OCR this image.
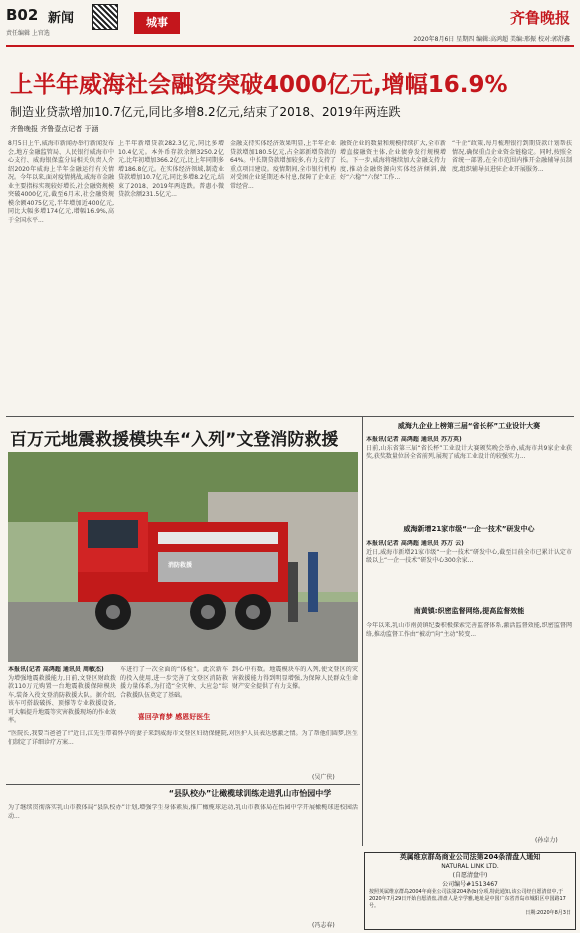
B02 新闻
责任编辑 上官选
城事	齐鲁晚报
2020年8月6日 星期四 编辑:高鸿超 美编:邢振 校对:郭舒鑫
上半年威海社会融资突破4000亿元,增幅16.9%
制造业贷款增加10.7亿元,同比多增8.2亿元,结束了2018、2019年两连跌
齐鲁晚报 齐鲁壹点记者 于涵
8月5日上午,威海市新闻办举行新闻发布会,地方金融监管局、人民银行威海市中心支行、威海银保监分局相关负责人介绍2020年威海上半年金融运行有关情况。今年以来,面对疫情挑战,威海市金融业主要指标实现较好增长,社会融资规模突破4000亿元,截至6月末,社会融资规模余额4075亿元,半年增加近400亿元,同比大幅多增174亿元,增幅16.9%,高于全国水平...
上半年新增贷款282.3亿元,同比多增10.4亿元。本外币存款余额3250.2亿元,比年初增加366.2亿元,比上年同期多增186.8亿元。在实体经济领域,制造业贷款增加10.7亿元,同比多增8.2亿元,结束了2018、2019年两连跌。普惠小微贷款余额231.5亿元...
金融支持实体经济效果明显,上半年企业贷款增加180.5亿元,占全部新增贷款的64%。中长期贷款增加较多,有力支持了重点项目建设。疫情期间,全市银行机构对受困企业延期还本付息,保障了企业正常经营...
融资企业的数量和规模持续扩大,全市新增直接融资主体,企业债券发行规模增长。下一步,威海将继续加大金融支持力度,推动金融资源向实体经济倾斜,做好“六稳”“六保”工作...
“千企”政策,每月梳理银行到期贷款计划帮扶情况,确保重点企业资金链稳定。同时,按照全省统一部署,在全市范围内推开金融辅导员制度,组织辅导员进驻企业开展服务...
百万元地震救援模块车“入列”文登消防救援
消防救援
本报讯(记者 高鸿超 通讯员 周敏杰)
为增强地震救援能力,日前,文登区财政拨款110万元购置一台地震救援保障模块车,装备入役文登消防救援大队。据介绍,该车可搭载破拆、顶撑等专业救援设备,可大幅提升地震等灾害救援现场的作业效率。
车进行了一次全面的“体检”。此次新车的投入使用,进一步完善了文登区消防救援力量体系,为打造“全灾种、大应急”综合救援队伍奠定了基础。
到心中有数。地震模块车的入列,使文登区的灾害救援能力得到明显增强,为保障人民群众生命财产安全提供了有力支撑。
喜回孕育梦 感恩好医生
“医院长,我要当爸爸了!”近日,江先生带着怀孕的妻子来到威海市文登区妇幼保健院,对医护人员表达感激之情。为了帮他们圆梦,医生们制定了详细诊疗方案...
(吴广侠)
“县队校办”让橄榄球训练走进乳山市怡园中学
为了继续贯彻落实乳山市教体局“县队校办”计划,增强学生身体素质,推广橄榄球运动,乳山市教体局在怡园中学开展橄榄球进校园活动...
(冯志春)
威海九企业上榜第三届“省长杯”工业设计大赛
本报讯(记者 高鸿超 通讯员 苏万英)
日前,山东省第三届“省长杯”工业设计大赛颁奖晚会举办,威海市共9家企业获奖,获奖数量位居全省前列,展现了威海工业设计的较强实力...
威海新增21家市级“一企一技术”研发中心
本报讯(记者 高鸿超 通讯员 苏万 云)
近日,威海市新增21家市级“一企一技术”研发中心,截至目前全市已累计认定市级以上“一企一技术”研发中心300余家...
南黄镇:织密监督网络,提高监督效能
今年以来,乳山市南黄镇纪委积极探索完善监督体系,激活监督效能,织密监督网络,推动监督工作由“被动”向“主动”转变...
(孙卓力)
英属维京群岛商业公司法第204条清盘人通知
NATURAL LINK LTD.
(自愿清盘中)
公司编号#1513467
按照英属维京群岛2004年商业公司法第204条(b)分项,特此通知,该公司经自愿清盘中,于2020年7月29日开始自愿清盘,清盘人是辛学雅,地址是中国广东省青岛市城阳区中国路17号。
日期:2020年8月3日
